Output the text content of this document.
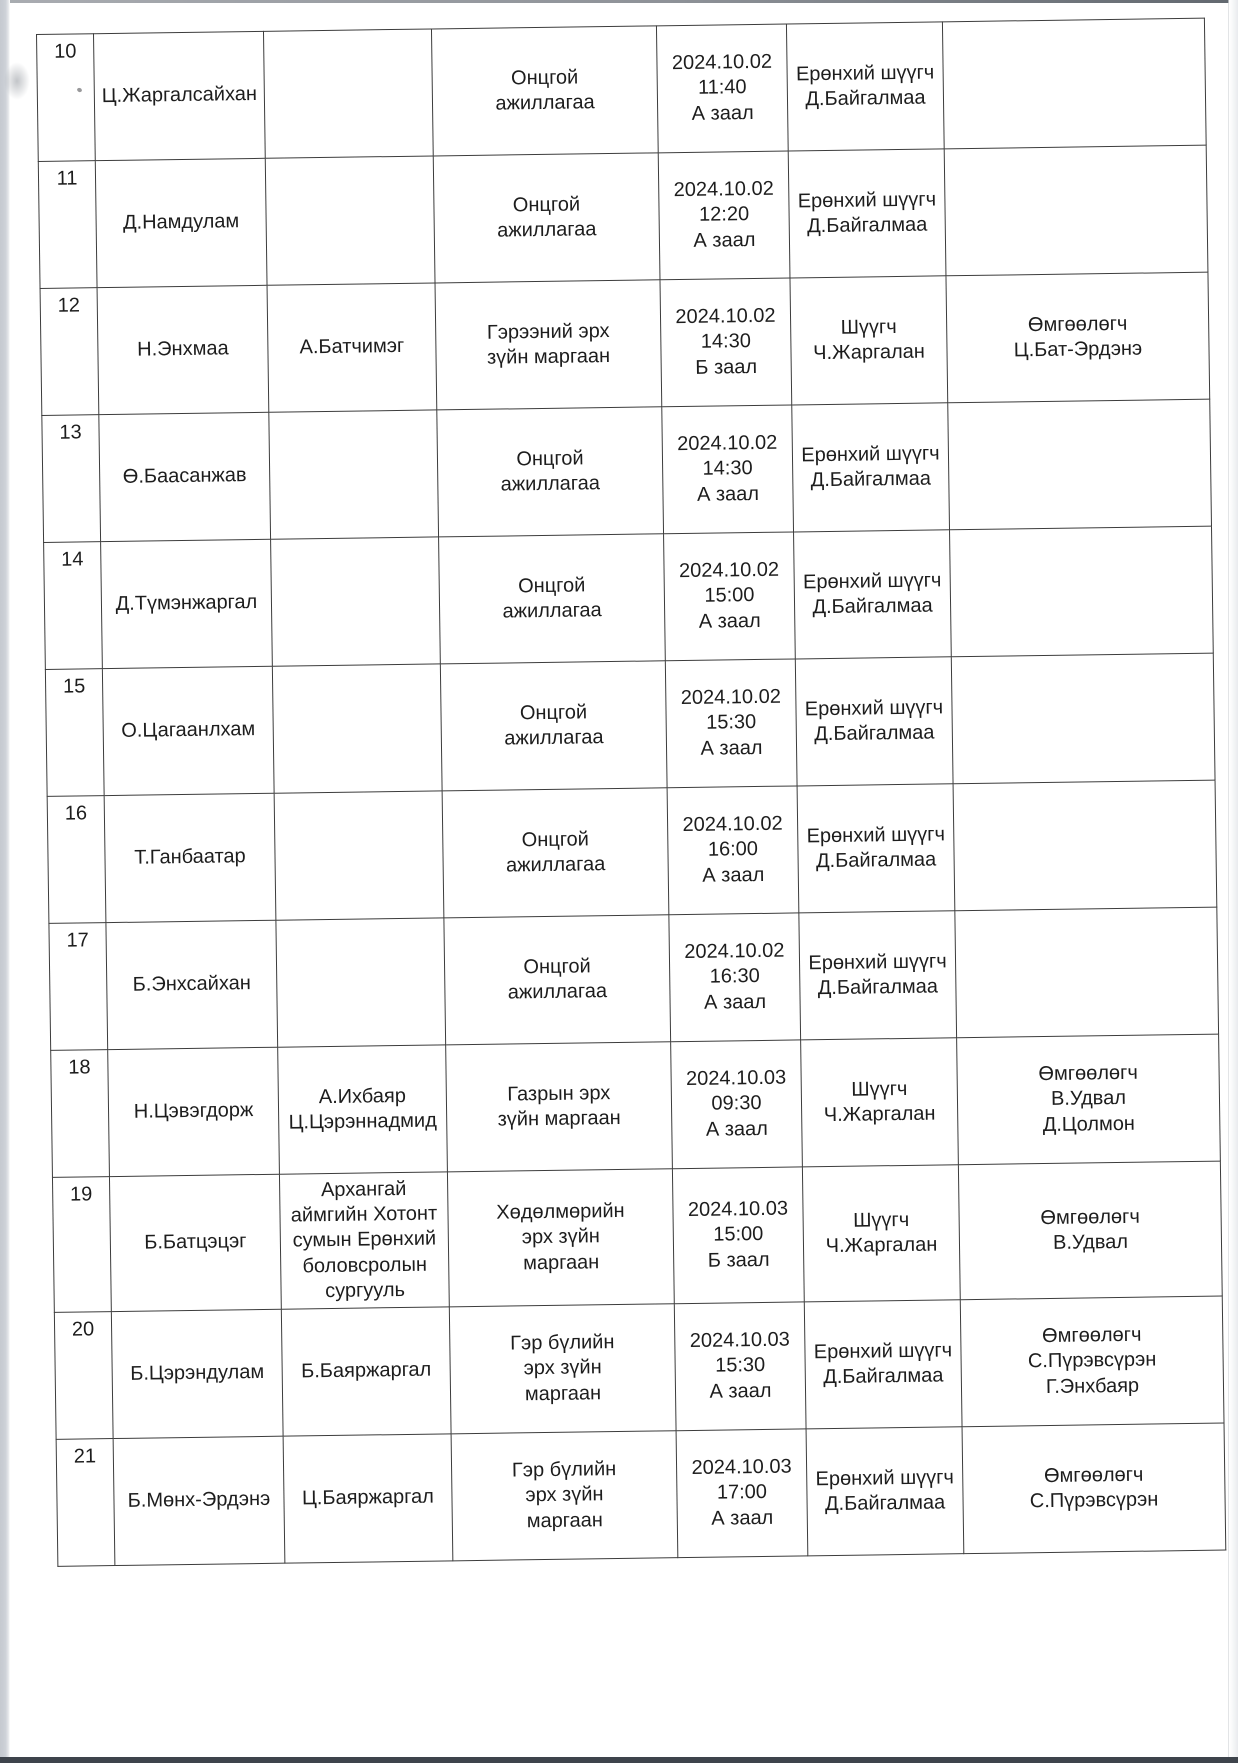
10	Ц.Жаргалсайхан		Онцгой
ажиллагаа	2024.10.02
11:40
А заал	Ерөнхий шүүгч
Д.Байгалмаа	
11	Д.Намдулам		Онцгой
ажиллагаа	2024.10.02
12:20
А заал	Ерөнхий шүүгч
Д.Байгалмаа	
12	Н.Энхмаа	А.Батчимэг	Гэрээний эрх
зүйн маргаан	2024.10.02
14:30
Б заал	Шүүгч
Ч.Жаргалан	Өмгөөлөгч
Ц.Бат-Эрдэнэ
13	Ө.Баасанжав		Онцгой
ажиллагаа	2024.10.02
14:30
А заал	Ерөнхий шүүгч
Д.Байгалмаа	
14	Д.Түмэнжаргал		Онцгой
ажиллагаа	2024.10.02
15:00
А заал	Ерөнхий шүүгч
Д.Байгалмаа	
15	О.Цагаанлхам		Онцгой
ажиллагаа	2024.10.02
15:30
А заал	Ерөнхий шүүгч
Д.Байгалмаа	
16	Т.Ганбаатар		Онцгой
ажиллагаа	2024.10.02
16:00
А заал	Ерөнхий шүүгч
Д.Байгалмаа	
17	Б.Энхсайхан		Онцгой
ажиллагаа	2024.10.02
16:30
А заал	Ерөнхий шүүгч
Д.Байгалмаа	
18	Н.Цэвэгдорж	А.Ихбаяр
Ц.Цэрэннадмид	Газрын эрх
зүйн маргаан	2024.10.03
09:30
А заал	Шүүгч
Ч.Жаргалан	Өмгөөлөгч
В.Удвал
Д.Цолмон
19	Б.Батцэцэг	Архангай
аймгийн Хотонт
сумын Ерөнхий
боловсролын
сургууль	Хөдөлмөрийн
эрх зүйн
маргаан	2024.10.03
15:00
Б заал	Шүүгч
Ч.Жаргалан	Өмгөөлөгч
В.Удвал
20	Б.Цэрэндулам	Б.Баяржаргал	Гэр бүлийн
эрх зүйн
маргаан	2024.10.03
15:30
А заал	Ерөнхий шүүгч
Д.Байгалмаа	Өмгөөлөгч
С.Пүрэвсүрэн
Г.Энхбаяр
21	Б.Мөнх-Эрдэнэ	Ц.Баяржаргал	Гэр бүлийн
эрх зүйн
маргаан	2024.10.03
17:00
А заал	Ерөнхий шүүгч
Д.Байгалмаа	Өмгөөлөгч
С.Пүрэвсүрэн
